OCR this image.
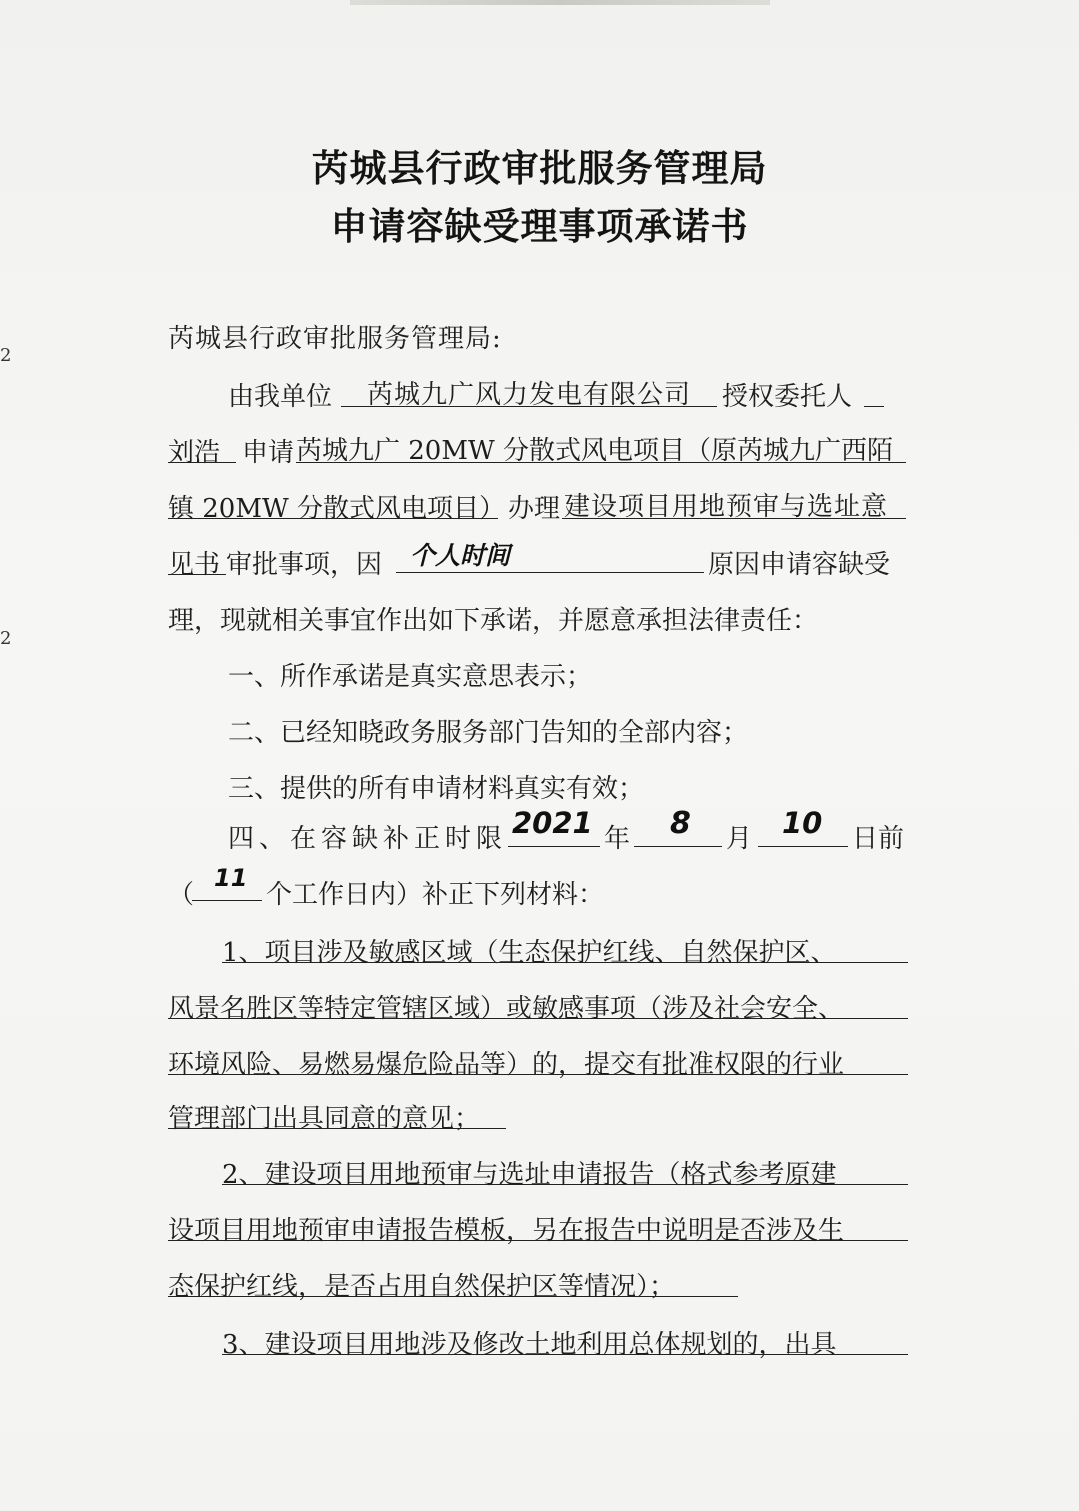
2
2
芮城县行政审批服务管理局
申请容缺受理事项承诺书
芮城县行政审批服务管理局:
由我单位 芮城九广风力发电有限公司 授权委托人
刘浩 申请 芮城九广 20MW 分散式风电项目（原芮城九广西陌
镇 20MW 分散式风电项目） 办理 建设项目用地预审与选址意
见书 审批事项，因 个人时间	原因申请容缺受
理，现就相关事宜作出如下承诺，并愿意承担法律责任：
一、所作承诺是真实意思表示；
二、已经知晓政务服务部门告知的全部内容；
三、提供的所有申请材料真实有效；
四、在容缺补正时限 2021 年 8 月 10 日前
（
11
个工作日内）补正下列材料：
1、项目涉及敏感区域（生态保护红线、自然保护区、
风景名胜区等特定管辖区域）或敏感事项（涉及社会安全、
环境风险、易燃易爆危险品等）的，提交有批准权限的行业
管理部门出具同意的意见；
2、建设项目用地预审与选址申请报告（格式参考原建
设项目用地预审申请报告模板，另在报告中说明是否涉及生
态保护红线，是否占用自然保护区等情况）；
3、建设项目用地涉及修改土地利用总体规划的，出具
